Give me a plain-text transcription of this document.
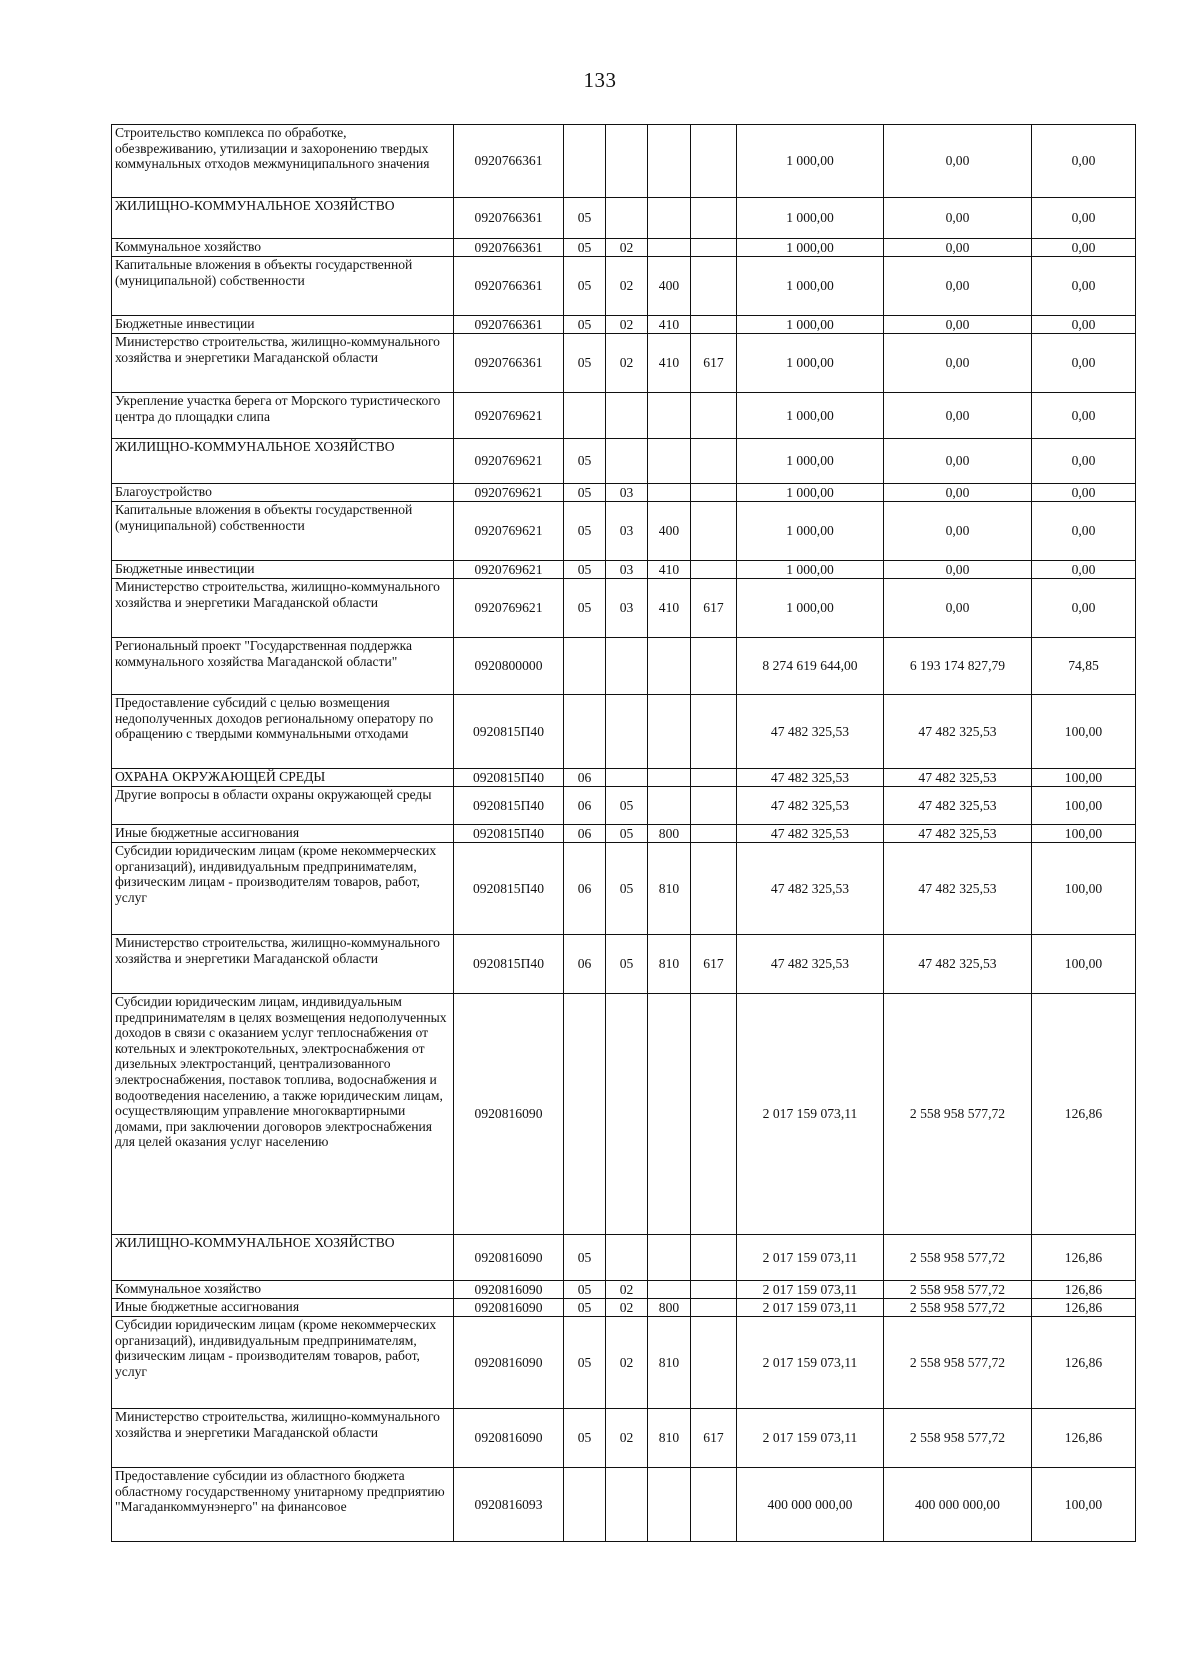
133
Строительство комплекса по обработке, обезвреживанию, утилизации и захоронению твердых коммунальных отходов межмуниципального значения	0920766361					1 000,00	0,00	0,00
ЖИЛИЩНО-КОММУНАЛЬНОЕ ХОЗЯЙСТВО	0920766361	05				1 000,00	0,00	0,00
Коммунальное хозяйство	0920766361	05	02			1 000,00	0,00	0,00
Капитальные вложения в объекты государственной (муниципальной) собственности	0920766361	05	02	400		1 000,00	0,00	0,00
Бюджетные инвестиции	0920766361	05	02	410		1 000,00	0,00	0,00
Министерство строительства, жилищно-коммунального хозяйства и энергетики Магаданской области	0920766361	05	02	410	617	1 000,00	0,00	0,00
Укрепление участка берега от Морского туристического центра до площадки слипа	0920769621					1 000,00	0,00	0,00
ЖИЛИЩНО-КОММУНАЛЬНОЕ ХОЗЯЙСТВО	0920769621	05				1 000,00	0,00	0,00
Благоустройство	0920769621	05	03			1 000,00	0,00	0,00
Капитальные вложения в объекты государственной (муниципальной) собственности	0920769621	05	03	400		1 000,00	0,00	0,00
Бюджетные инвестиции	0920769621	05	03	410		1 000,00	0,00	0,00
Министерство строительства, жилищно-коммунального хозяйства и энергетики Магаданской области	0920769621	05	03	410	617	1 000,00	0,00	0,00
Региональный проект "Государственная поддержка коммунального хозяйства Магаданской области"	0920800000					8 274 619 644,00	6 193 174 827,79	74,85
Предоставление субсидий с целью возмещения недополученных доходов региональному оператору по обращению с твердыми коммунальными отходами	0920815П40					47 482 325,53	47 482 325,53	100,00
ОХРАНА ОКРУЖАЮЩЕЙ СРЕДЫ	0920815П40	06				47 482 325,53	47 482 325,53	100,00
Другие вопросы в области охраны окружающей среды	0920815П40	06	05			47 482 325,53	47 482 325,53	100,00
Иные бюджетные ассигнования	0920815П40	06	05	800		47 482 325,53	47 482 325,53	100,00
Субсидии юридическим лицам (кроме некоммерческих организаций), индивидуальным предпринимателям, физическим лицам - производителям товаров, работ, услуг	0920815П40	06	05	810		47 482 325,53	47 482 325,53	100,00
Министерство строительства, жилищно-коммунального хозяйства и энергетики Магаданской области	0920815П40	06	05	810	617	47 482 325,53	47 482 325,53	100,00
Субсидии юридическим лицам, индивидуальным предпринимателям в целях возмещения недополученных доходов в связи с оказанием услуг теплоснабжения от котельных и электрокотельных, электроснабжения от дизельных электростанций, централизованного электроснабжения, поставок топлива, водоснабжения и водоотведения населению, а также юридическим лицам, осуществляющим управление многоквартирными домами, при заключении договоров электроснабжения для целей оказания услуг населению	0920816090					2 017 159 073,11	2 558 958 577,72	126,86
ЖИЛИЩНО-КОММУНАЛЬНОЕ ХОЗЯЙСТВО	0920816090	05				2 017 159 073,11	2 558 958 577,72	126,86
Коммунальное хозяйство	0920816090	05	02			2 017 159 073,11	2 558 958 577,72	126,86
Иные бюджетные ассигнования	0920816090	05	02	800		2 017 159 073,11	2 558 958 577,72	126,86
Субсидии юридическим лицам (кроме некоммерческих организаций), индивидуальным предпринимателям, физическим лицам - производителям товаров, работ, услуг	0920816090	05	02	810		2 017 159 073,11	2 558 958 577,72	126,86
Министерство строительства, жилищно-коммунального хозяйства и энергетики Магаданской области	0920816090	05	02	810	617	2 017 159 073,11	2 558 958 577,72	126,86
Предоставление субсидии из областного бюджета областному государственному унитарному предприятию "Магаданкоммунэнерго" на финансовое	0920816093					400 000 000,00	400 000 000,00	100,00
